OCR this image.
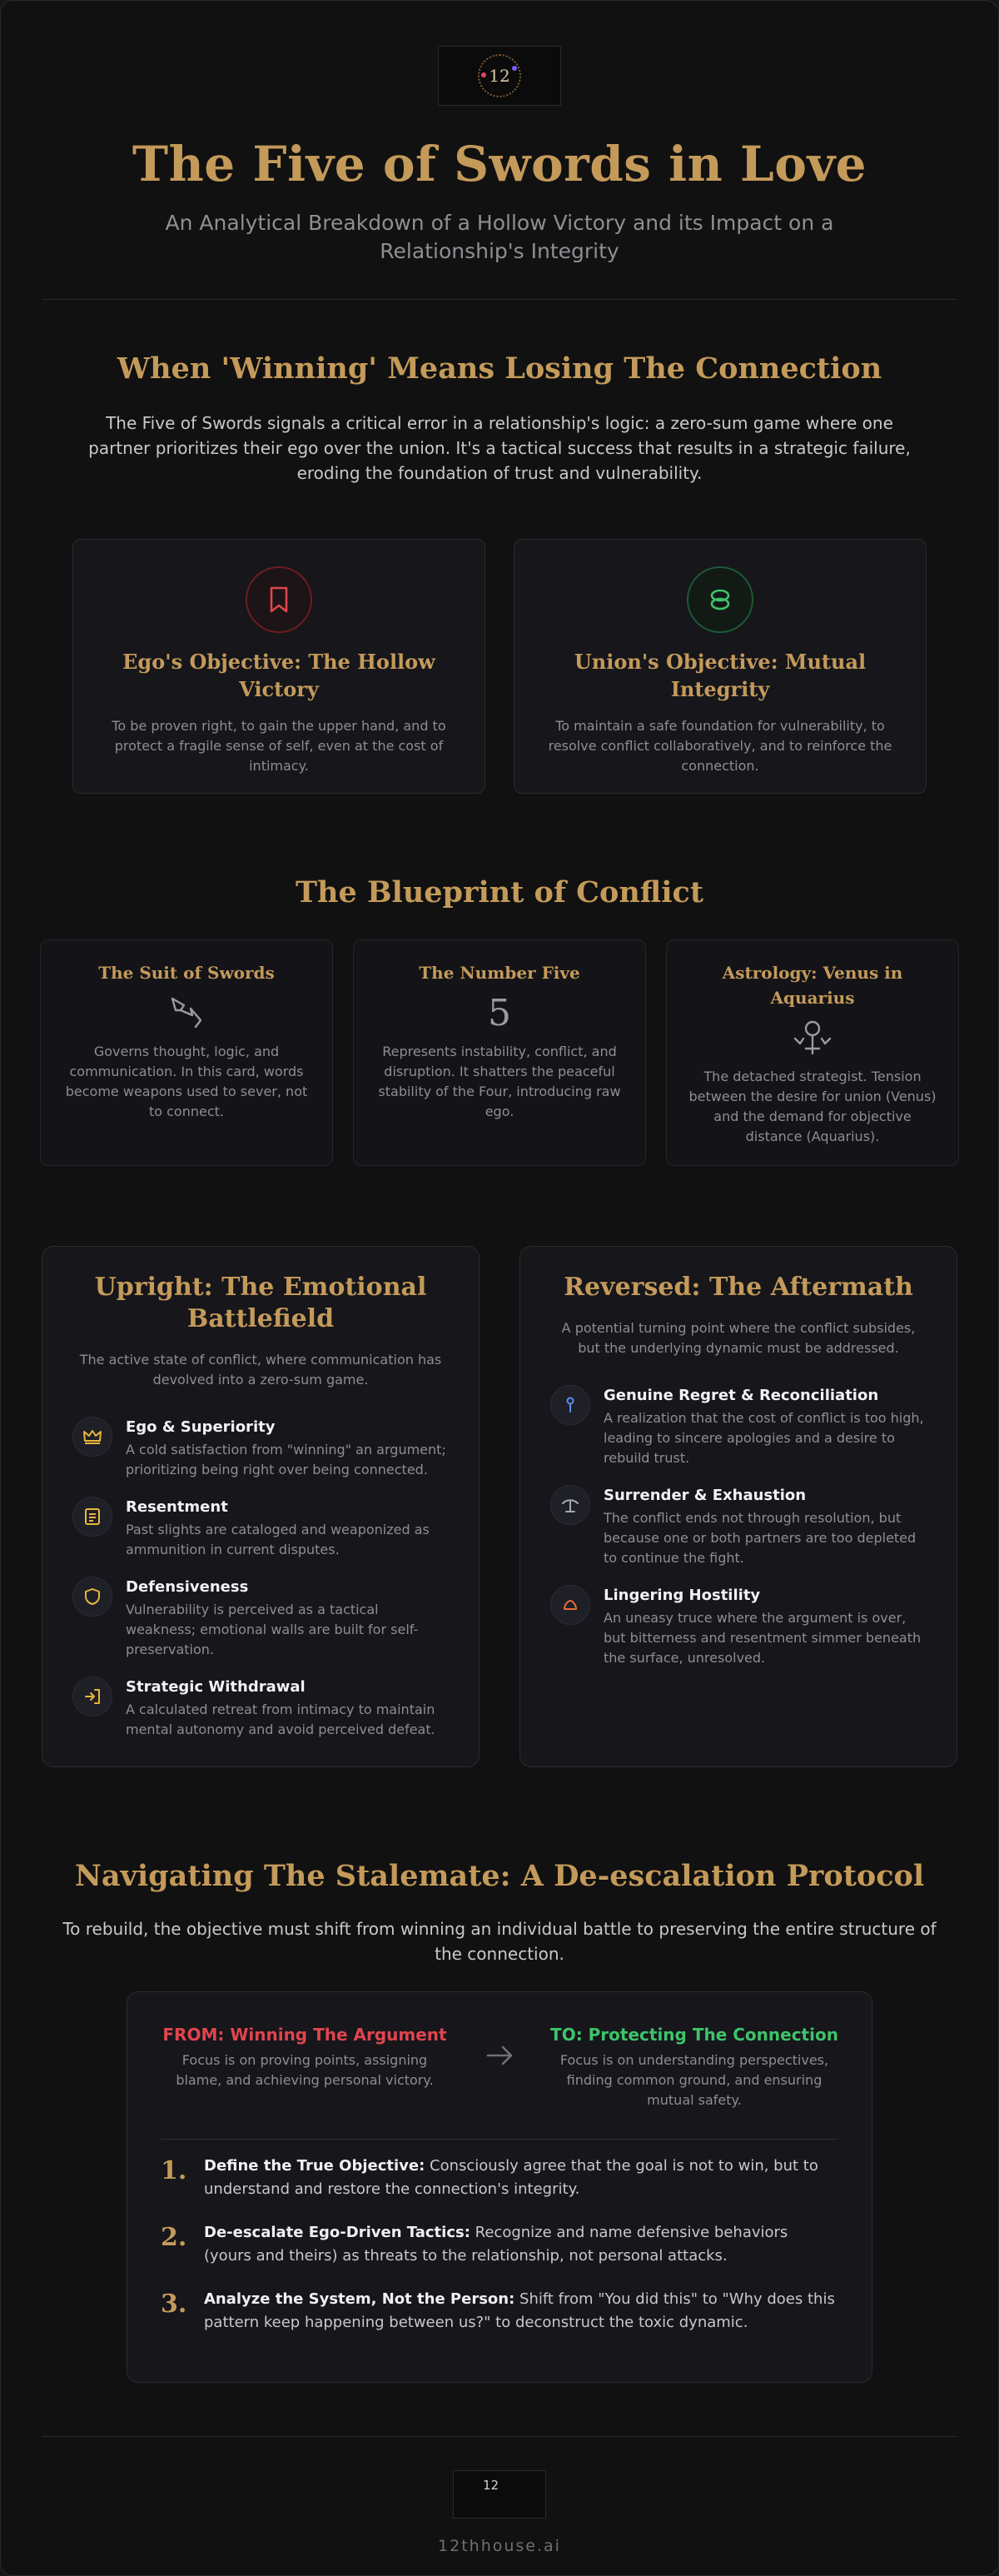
12
The Five of Swords in Love
An Analytical Breakdown of a Hollow Victory and its Impact on a Relationship's Integrity
When 'Winning' Means Losing The Connection

The Five of Swords signals a critical error in a relationship's logic: a zero-sum game where one partner prioritizes their ego over the union. It's a tactical success that results in a strategic failure, eroding the foundation of trust and vulnerability.

Ego's Objective: The Hollow Victory

To be proven right, to gain the upper hand, and to protect a fragile sense of self, even at the cost of intimacy.

Union's Objective: Mutual Integrity

To maintain a safe foundation for vulnerability, to resolve conflict collaboratively, and to reinforce the connection.

The Blueprint of Conflict
The Suit of Swords

Governs thought, logic, and communication. In this card, words become weapons used to sever, not to connect.

The Number Five
5

Represents instability, conflict, and disruption. It shatters the peaceful stability of the Four, introducing raw ego.

Astrology: Venus in Aquarius

The detached strategist. Tension between the desire for union (Venus) and the demand for objective distance (Aquarius).

Upright: The Emotional Battlefield

The active state of conflict, where communication has devolved into a zero-sum game.

Ego & Superiority

A cold satisfaction from "winning" an argument; prioritizing being right over being connected.

Resentment

Past slights are cataloged and weaponized as ammunition in current disputes.

Defensiveness

Vulnerability is perceived as a tactical weakness; emotional walls are built for self-preservation.

Strategic Withdrawal

A calculated retreat from intimacy to maintain mental autonomy and avoid perceived defeat.

Reversed: The Aftermath

A potential turning point where the conflict subsides, but the underlying dynamic must be addressed.

Genuine Regret & Reconciliation

A realization that the cost of conflict is too high, leading to sincere apologies and a desire to rebuild trust.

Surrender & Exhaustion

The conflict ends not through resolution, but because one or both partners are too depleted to continue the fight.

Lingering Hostility

An uneasy truce where the argument is over, but bitterness and resentment simmer beneath the surface, unresolved.

Navigating The Stalemate: A De-escalation Protocol

To rebuild, the objective must shift from winning an individual battle to preserving the entire structure of the connection.

FROM: Winning The Argument

Focus is on proving points, assigning blame, and achieving personal victory.

TO: Protecting The Connection

Focus is on understanding perspectives, finding common ground, and ensuring mutual safety.

1. Define the True Objective: Consciously agree that the goal is not to win, but to understand and restore the connection's integrity.
2. De-escalate Ego-Driven Tactics: Recognize and name defensive behaviors (yours and theirs) as threats to the relationship, not personal attacks.
3. Analyze the System, Not the Person: Shift from "You did this" to "Why does this pattern keep happening between us?" to deconstruct the toxic dynamic.
12
12thhouse.ai
